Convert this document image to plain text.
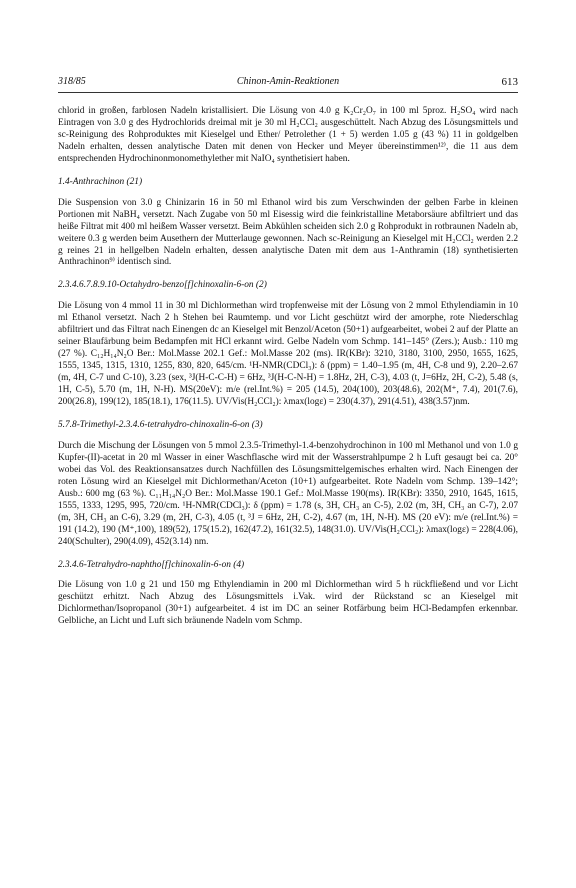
318/85	Chinon-Amin-Reaktionen	613

chlorid in großen, farblosen Nadeln kristallisiert. Die Lösung von 4.0 g K₂Cr₂O₇ in 100 ml 5proz. H₂SO₄ wird nach Eintragen von 3.0 g des Hydrochlorids dreimal mit je 30 ml H₂CCl₂ ausgeschüttelt. Nach Abzug des Lösungsmittels und sc-Reinigung des Rohproduktes mit Kieselgel und Ether/ Petrolether (1 + 5) werden 1.05 g (43 %) 11 in goldgelben Nadeln erhalten, dessen analytische Daten mit denen von Hecker und Meyer übereinstimmen¹²⁾, die 11 aus dem entsprechenden Hydrochinonmonomethylether mit NaIO₄ synthetisiert haben.

1.4-Anthrachinon (21)

Die Suspension von 3.0 g Chinizarin 16 in 50 ml Ethanol wird bis zum Verschwinden der gelben Farbe in kleinen Portionen mit NaBH₄ versetzt. Nach Zugabe von 50 ml Eisessig wird die feinkristalline Metaborsäure abfiltriert und das heiße Filtrat mit 400 ml heißem Wasser versetzt. Beim Abkühlen scheiden sich 2.0 g Rohprodukt in rotbraunen Nadeln ab, weitere 0.3 g werden beim Ausethern der Mutterlauge gewonnen. Nach sc-Reinigung an Kieselgel mit H₂CCl₂ werden 2.2 g reines 21 in hellgelben Nadeln erhalten, dessen analytische Daten mit dem aus 1-Anthramin (18) synthetisierten Anthrachinon⁹⁾ identisch sind.

2.3.4.6.7.8.9.10-Octahydro-benzo[f]chinoxalin-6-on (2)

Die Lösung von 4 mmol 11 in 30 ml Dichlormethan wird tropfenweise mit der Lösung von 2 mmol Ethylendiamin in 10 ml Ethanol versetzt. Nach 2 h Stehen bei Raumtemp. und vor Licht geschützt wird der amorphe, rote Niederschlag abfiltriert und das Filtrat nach Einengen dc an Kieselgel mit Benzol/Aceton (50+1) aufgearbeitet, wobei 2 auf der Platte an seiner Blaufärbung beim Bedampfen mit HCl erkannt wird. Gelbe Nadeln vom Schmp. 141–145° (Zers.); Ausb.: 110 mg (27 %). C₁₂H₁₄N₂O Ber.: Mol.Masse 202.1 Gef.: Mol.Masse 202 (ms). IR(KBr): 3210, 3180, 3100, 2950, 1655, 1625, 1555, 1345, 1315, 1310, 1255, 830, 820, 645/cm. ¹H-NMR(CDCl₃): δ (ppm) = 1.40–1.95 (m, 4H, C-8 und 9), 2.20–2.67 (m, 4H, C-7 und C-10), 3.23 (sex, ³J(H-C-C-H) = 6Hz, ³J(H-C-N-H) = 1.8Hz, 2H, C-3), 4.03 (t, J=6Hz, 2H, C-2), 5.48 (s, 1H, C-5), 5.70 (m, 1H, N-H). MS(20eV): m/e (rel.Int.%) = 205 (14.5), 204(100), 203(48.6), 202(M⁺, 7.4), 201(7.6), 200(26.8), 199(12), 185(18.1), 176(11.5). UV/Vis(H₂CCl₂): λmax(logε) = 230(4.37), 291(4.51), 438(3.57)nm.

5.7.8-Trimethyl-2.3.4.6-tetrahydro-chinoxalin-6-on (3)

Durch die Mischung der Lösungen von 5 mmol 2.3.5-Trimethyl-1.4-benzohydrochinon in 100 ml Methanol und von 1.0 g Kupfer-(II)-acetat in 20 ml Wasser in einer Waschflasche wird mit der Wasserstrahlpumpe 2 h Luft gesaugt bei ca. 20° wobei das Vol. des Reaktionsansatzes durch Nachfüllen des Lösungsmittelgemisches erhalten wird. Nach Einengen der roten Lösung wird an Kieselgel mit Dichlormethan/Aceton (10+1) aufgearbeitet. Rote Nadeln vom Schmp. 139–142°; Ausb.: 600 mg (63 %). C₁₁H₁₄N₂O Ber.: Mol.Masse 190.1 Gef.: Mol.Masse 190(ms). IR(KBr): 3350, 2910, 1645, 1615, 1555, 1333, 1295, 995, 720/cm. ¹H-NMR(CDCl₃): δ (ppm) = 1.78 (s, 3H, CH₃ an C-5), 2.02 (m, 3H, CH₃ an C-7), 2.07 (m, 3H, CH₃ an C-6), 3.29 (m, 2H, C-3), 4.05 (t, ³J = 6Hz, 2H, C-2), 4.67 (m, 1H, N-H). MS (20 eV): m/e (rel.Int.%) = 191 (14.2), 190 (M⁺,100), 189(52), 175(15.2), 162(47.2), 161(32.5), 148(31.0). UV/Vis(H₂CCl₂): λmax(logε) = 228(4.06), 240(Schulter), 290(4.09), 452(3.14) nm.

2.3.4.6-Tetrahydro-naphtho[f]chinoxalin-6-on (4)

Die Lösung von 1.0 g 21 und 150 mg Ethylendiamin in 200 ml Dichlormethan wird 5 h rückfließend und vor Licht geschützt erhitzt. Nach Abzug des Lösungsmittels i.Vak. wird der Rückstand sc an Kieselgel mit Dichlormethan/Isopropanol (30+1) aufgearbeitet. 4 ist im DC an seiner Rotfärbung beim HCl-Bedampfen erkennbar. Gelbliche, an Licht und Luft sich bräunende Nadeln vom Schmp.
